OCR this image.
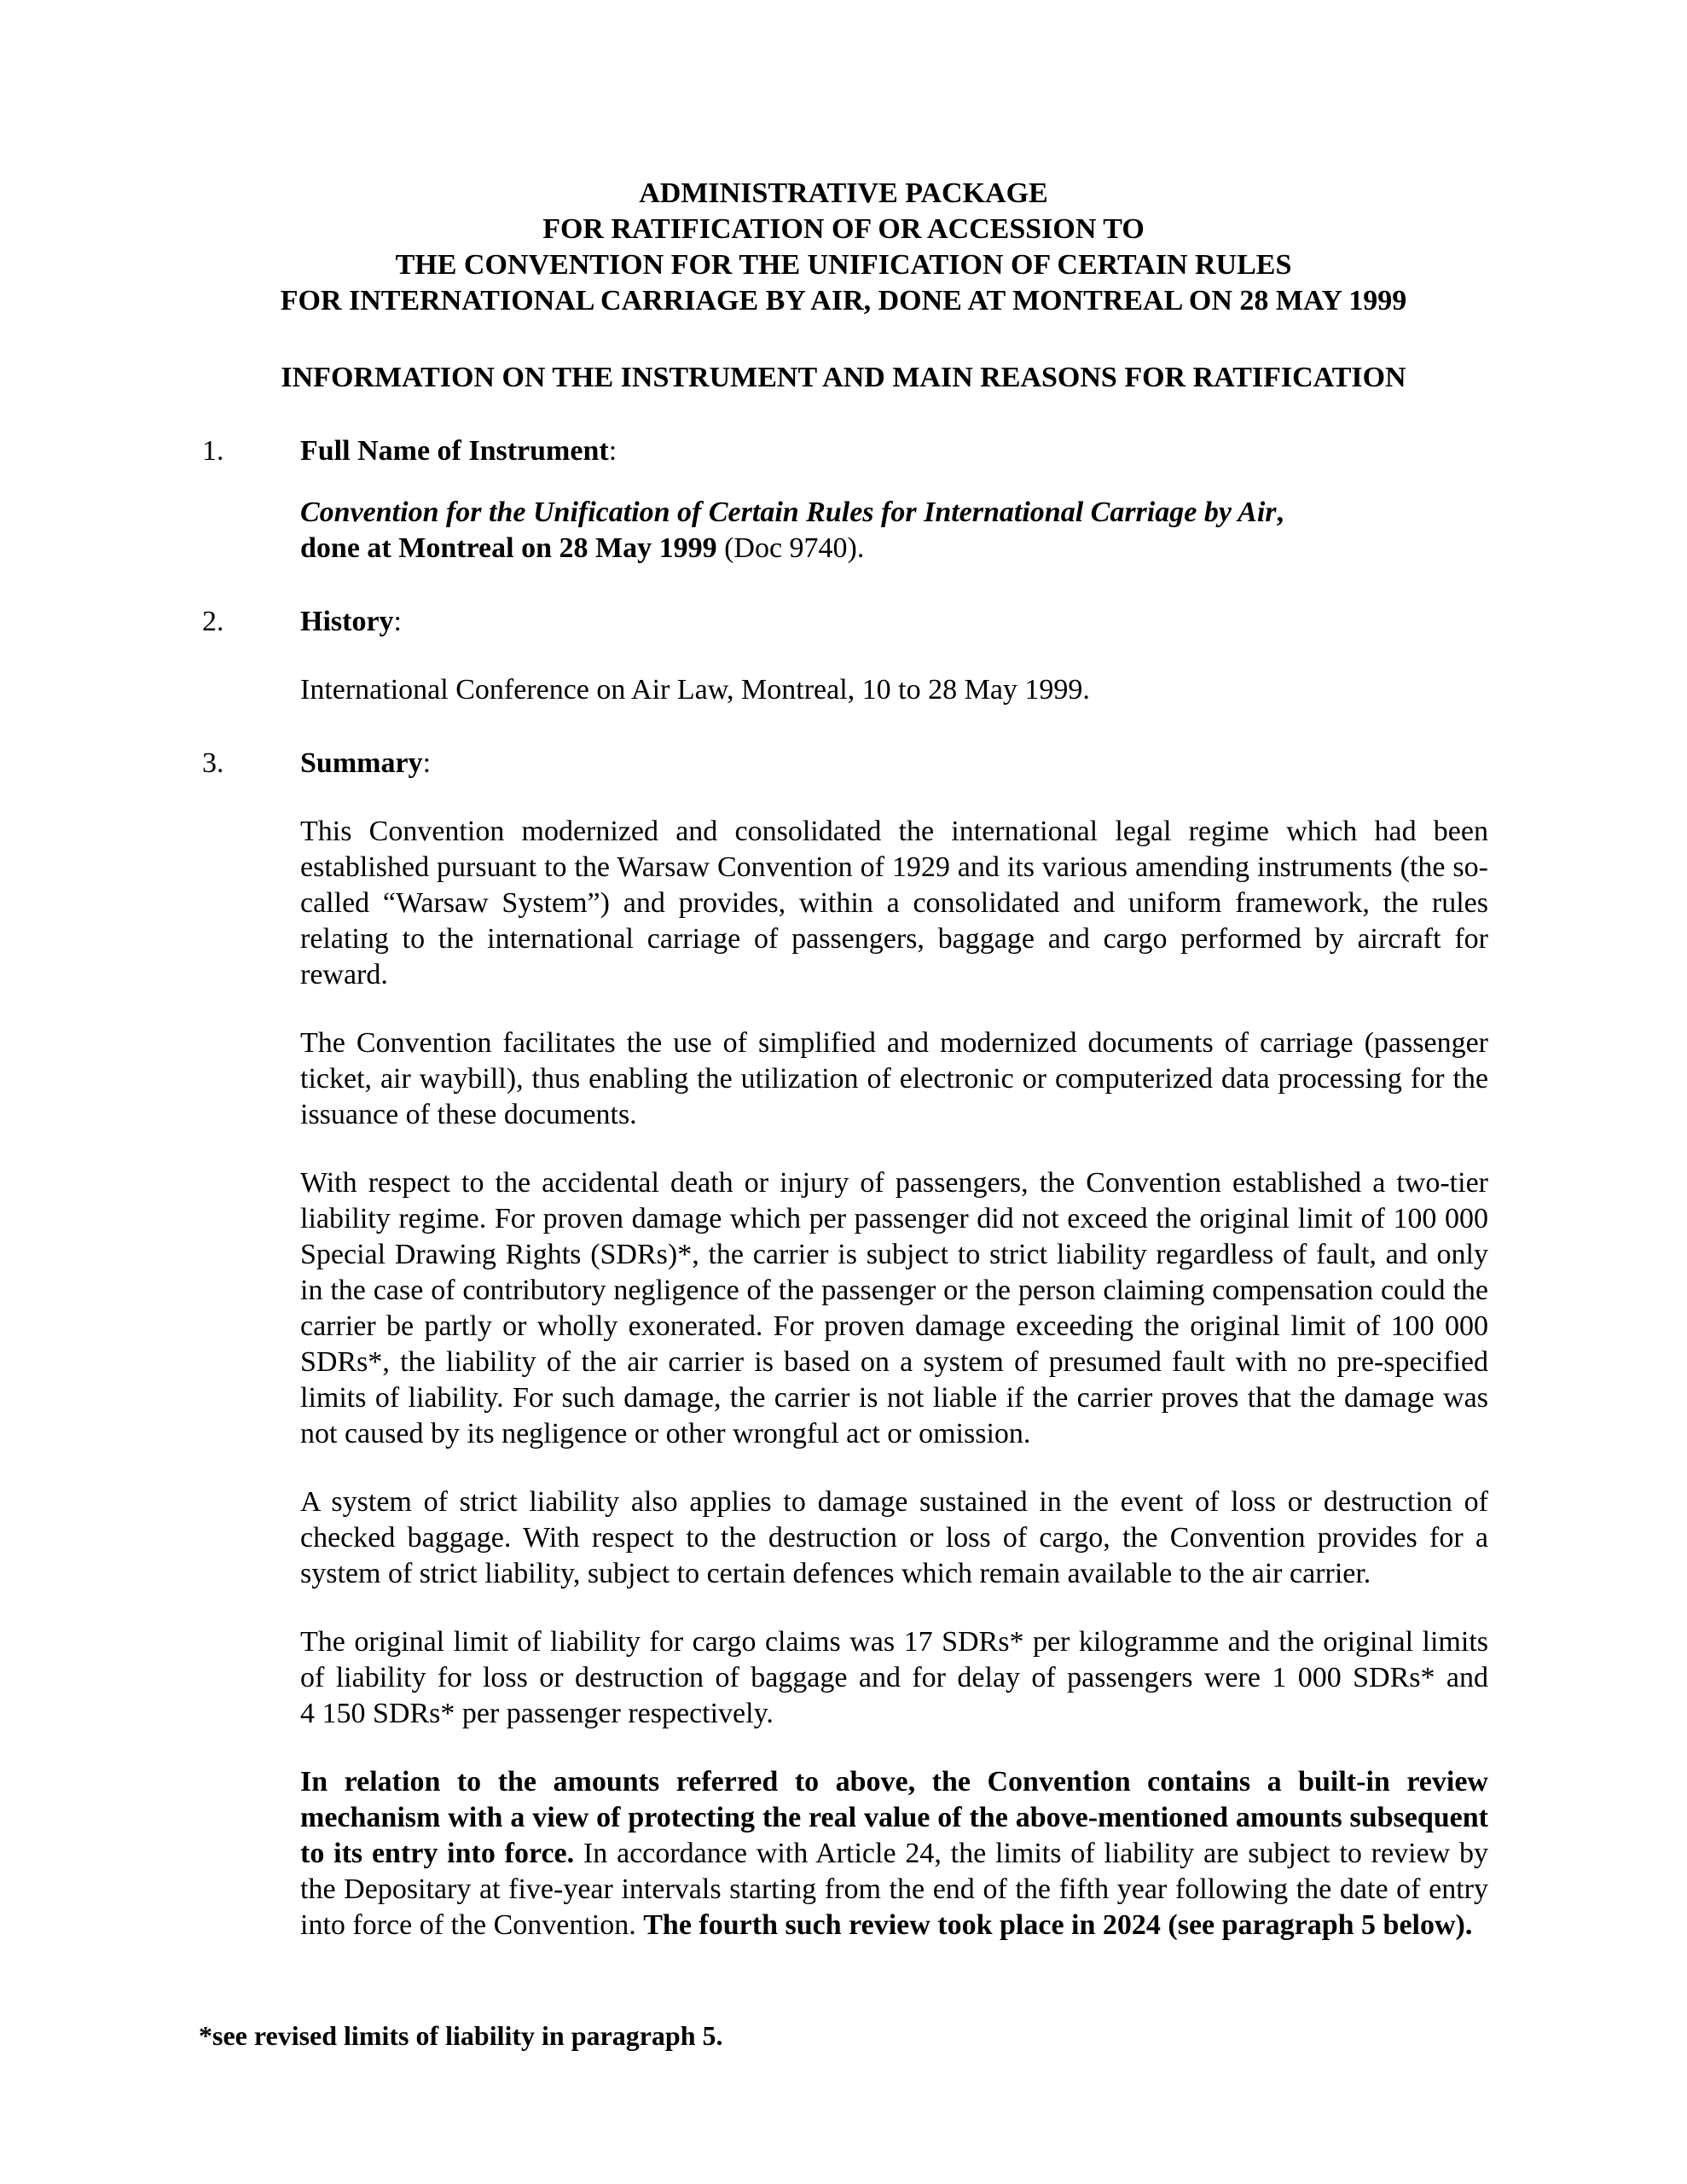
ADMINISTRATIVE PACKAGE
FOR RATIFICATION OF OR ACCESSION TO
THE CONVENTION FOR THE UNIFICATION OF CERTAIN RULES
FOR INTERNATIONAL CARRIAGE BY AIR, DONE AT MONTREAL ON 28 MAY 1999
INFORMATION ON THE INSTRUMENT AND MAIN REASONS FOR RATIFICATION
1.	Full Name of Instrument:
Convention for the Unification of Certain Rules for International Carriage by Air,
done at Montreal on 28 May 1999 (Doc 9740).
2.	History:
International Conference on Air Law, Montreal, 10 to 28 May 1999.
3.	Summary:
This Convention modernized and consolidated the international legal regime which had been established pursuant to the Warsaw Convention of 1929 and its various amending instruments (the so-called “Warsaw System”) and provides, within a consolidated and uniform framework, the rules relating to the international carriage of passengers, baggage and cargo performed by aircraft for reward.
The Convention facilitates the use of simplified and modernized documents of carriage (passenger ticket, air waybill), thus enabling the utilization of electronic or computerized data processing for the issuance of these documents.
With respect to the accidental death or injury of passengers, the Convention established a two-tier liability regime. For proven damage which per passenger did not exceed the original limit of 100 000 Special Drawing Rights (SDRs)*, the carrier is subject to strict liability regardless of fault, and only in the case of contributory negligence of the passenger or the person claiming compensation could the carrier be partly or wholly exonerated. For proven damage exceeding the original limit of 100 000 SDRs*, the liability of the air carrier is based on a system of presumed fault with no pre-specified limits of liability. For such damage, the carrier is not liable if the carrier proves that the damage was not caused by its negligence or other wrongful act or omission.
A system of strict liability also applies to damage sustained in the event of loss or destruction of checked baggage. With respect to the destruction or loss of cargo, the Convention provides for a system of strict liability, subject to certain defences which remain available to the air carrier.
The original limit of liability for cargo claims was 17 SDRs* per kilogramme and the original limits of liability for loss or destruction of baggage and for delay of passengers were 1 000 SDRs* and 4 150 SDRs* per passenger respectively.
In relation to the amounts referred to above, the Convention contains a built-in review mechanism with a view of protecting the real value of the above-mentioned amounts subsequent to its entry into force. In accordance with Article 24, the limits of liability are subject to review by the Depositary at five-year intervals starting from the end of the fifth year following the date of entry into force of the Convention. The fourth such review took place in 2024 (see paragraph 5 below).
*see revised limits of liability in paragraph 5.
